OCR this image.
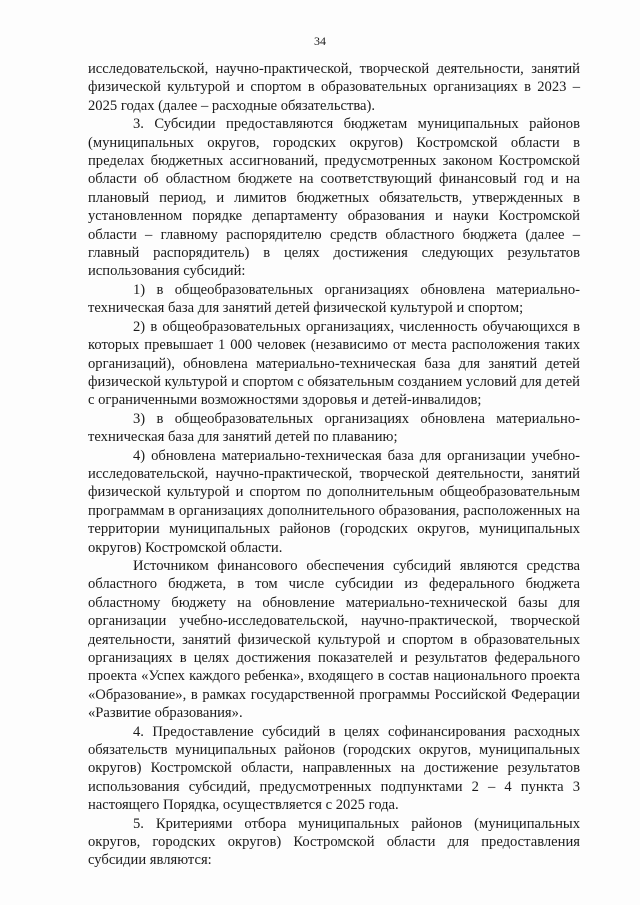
34

исследовательской, научно-практической, творческой деятельности, занятий физической культурой и спортом в образовательных организациях в 2023 – 2025 годах (далее – расходные обязательства).

3. Субсидии предоставляются бюджетам муниципальных районов (муниципальных округов, городских округов) Костромской области в пределах бюджетных ассигнований, предусмотренных законом Костромской области об областном бюджете на соответствующий финансовый год и на плановый период, и лимитов бюджетных обязательств, утвержденных в установленном порядке департаменту образования и науки Костромской области – главному распорядителю средств областного бюджета (далее – главный распорядитель) в целях достижения следующих результатов использования субсидий:

1) в общеобразовательных организациях обновлена материально-техническая база для занятий детей физической культурой и спортом;

2) в общеобразовательных организациях, численность обучающихся в которых превышает 1 000 человек (независимо от места расположения таких организаций), обновлена материально-техническая база для занятий детей физической культурой и спортом с обязательным созданием условий для детей с ограниченными возможностями здоровья и детей-инвалидов;

3) в общеобразовательных организациях обновлена материально-техническая база для занятий детей по плаванию;

4) обновлена материально-техническая база для организации учебно-исследовательской, научно-практической, творческой деятельности, занятий физической культурой и спортом по дополнительным общеобразовательным программам в организациях дополнительного образования, расположенных на территории муниципальных районов (городских округов, муниципальных округов) Костромской области.

Источником финансового обеспечения субсидий являются средства областного бюджета, в том числе субсидии из федерального бюджета областному бюджету на обновление материально-технической базы для организации учебно-исследовательской, научно-практической, творческой деятельности, занятий физической культурой и спортом в образовательных организациях в целях достижения показателей и результатов федерального проекта «Успех каждого ребенка», входящего в состав национального проекта «Образование», в рамках государственной программы Российской Федерации «Развитие образования».

4. Предоставление субсидий в целях софинансирования расходных обязательств муниципальных районов (городских округов, муниципальных округов) Костромской области, направленных на достижение результатов использования субсидий, предусмотренных подпунктами 2 – 4 пункта 3 настоящего Порядка, осуществляется с 2025 года.

5. Критериями отбора муниципальных районов (муниципальных округов, городских округов) Костромской области для предоставления субсидии являются:
